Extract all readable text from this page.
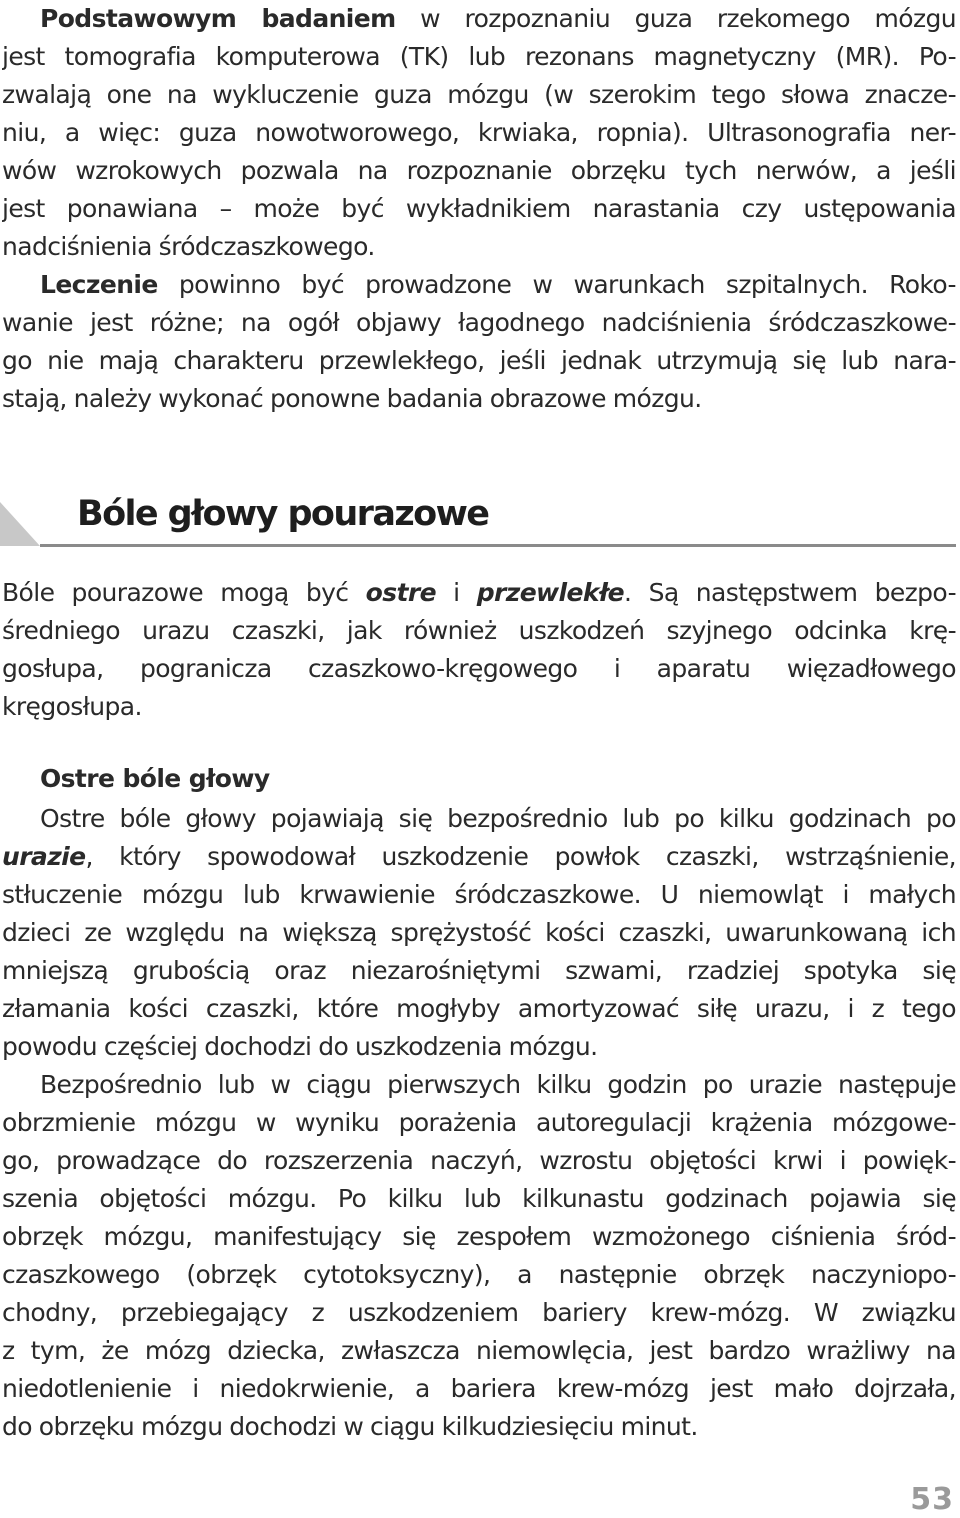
Podstawowym badaniem w rozpoznaniu guza rzekomego mózgu
jest tomografia komputerowa (TK) lub rezonans magnetyczny (MR). Po-
zwalają one na wykluczenie guza mózgu (w szerokim tego słowa znacze-
niu, a więc: guza nowotworowego, krwiaka, ropnia). Ultrasonografia ner-
wów wzrokowych pozwala na rozpoznanie obrzęku tych nerwów, a jeśli
jest ponawiana – może być wykładnikiem narastania czy ustępowania
nadciśnienia śródczaszkowego.
Leczenie powinno być prowadzone w warunkach szpitalnych. Roko-
wanie jest różne; na ogół objawy łagodnego nadciśnienia śródczaszkowe-
go nie mają charakteru przewlekłego, jeśli jednak utrzymują się lub nara-
stają, należy wykonać ponowne badania obrazowe mózgu.
Bóle głowy pourazowe
Bóle pourazowe mogą być ostre i przewlekłe. Są następstwem bezpo-
średniego urazu czaszki, jak również uszkodzeń szyjnego odcinka krę-
gosłupa, pogranicza czaszkowo-kręgowego i aparatu więzadłowego
kręgosłupa.
Ostre bóle głowy
Ostre bóle głowy pojawiają się bezpośrednio lub po kilku godzinach po
urazie, który spowodował uszkodzenie powłok czaszki, wstrząśnienie,
stłuczenie mózgu lub krwawienie śródczaszkowe. U niemowląt i małych
dzieci ze względu na większą sprężystość kości czaszki, uwarunkowaną ich
mniejszą grubością oraz niezarośniętymi szwami, rzadziej spotyka się
złamania kości czaszki, które mogłyby amortyzować siłę urazu, i z tego
powodu częściej dochodzi do uszkodzenia mózgu.
Bezpośrednio lub w ciągu pierwszych kilku godzin po urazie następuje
obrzmienie mózgu w wyniku porażenia autoregulacji krążenia mózgowe-
go, prowadzące do rozszerzenia naczyń, wzrostu objętości krwi i powięk-
szenia objętości mózgu. Po kilku lub kilkunastu godzinach pojawia się
obrzęk mózgu, manifestujący się zespołem wzmożonego ciśnienia śród-
czaszkowego (obrzęk cytotoksyczny), a następnie obrzęk naczyniopo-
chodny, przebiegający z uszkodzeniem bariery krew-mózg. W związku
z tym, że mózg dziecka, zwłaszcza niemowlęcia, jest bardzo wrażliwy na
niedotlenienie i niedokrwienie, a bariera krew-mózg jest mało dojrzała,
do obrzęku mózgu dochodzi w ciągu kilkudziesięciu minut.
53
